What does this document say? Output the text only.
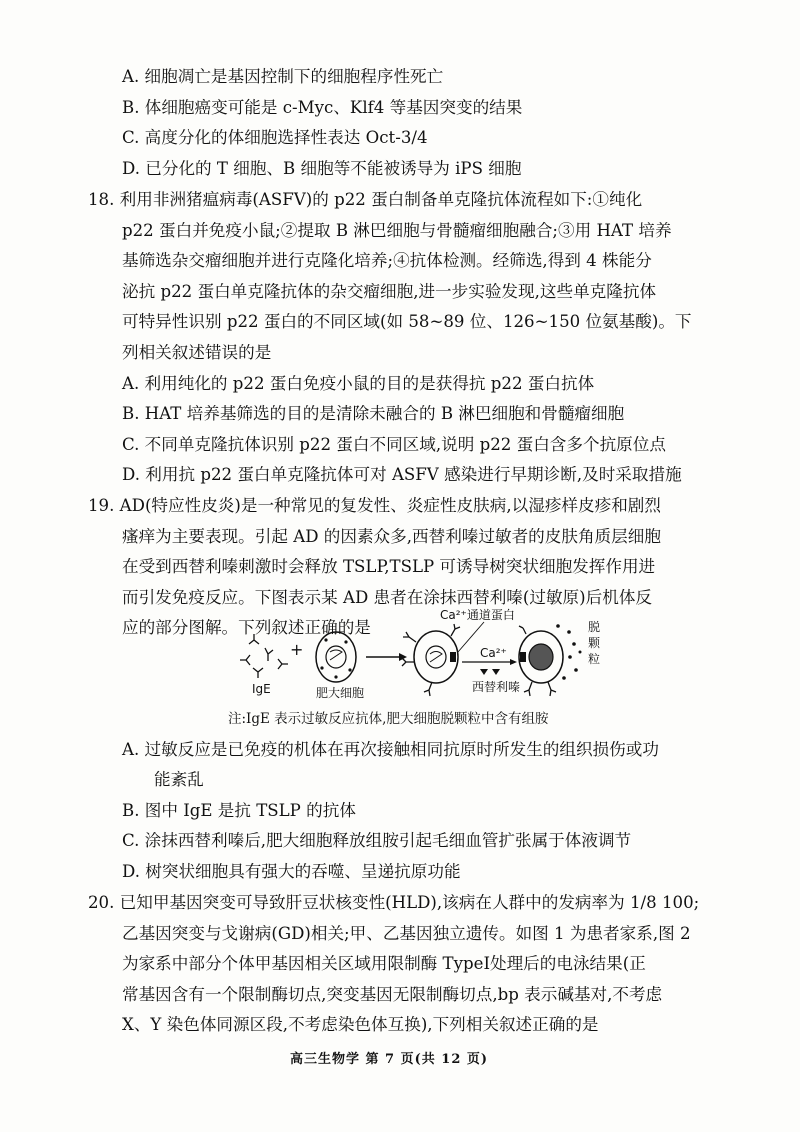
A. 细胞凋亡是基因控制下的细胞程序性死亡
B. 体细胞癌变可能是 c-Myc、Klf4 等基因突变的结果
C. 高度分化的体细胞选择性表达 Oct-3/4
D. 已分化的 T 细胞、B 细胞等不能被诱导为 iPS 细胞
18. 利用非洲猪瘟病毒(ASFV)的 p22 蛋白制备单克隆抗体流程如下:①纯化
p22 蛋白并免疫小鼠;②提取 B 淋巴细胞与骨髓瘤细胞融合;③用 HAT 培养
基筛选杂交瘤细胞并进行克隆化培养;④抗体检测。经筛选,得到 4 株能分
泌抗 p22 蛋白单克隆抗体的杂交瘤细胞,进一步实验发现,这些单克隆抗体
可特异性识别 p22 蛋白的不同区域(如 58~89 位、126~150 位氨基酸)。下
列相关叙述错误的是
A. 利用纯化的 p22 蛋白免疫小鼠的目的是获得抗 p22 蛋白抗体
B. HAT 培养基筛选的目的是清除未融合的 B 淋巴细胞和骨髓瘤细胞
C. 不同单克隆抗体识别 p22 蛋白不同区域,说明 p22 蛋白含多个抗原位点
D. 利用抗 p22 蛋白单克隆抗体可对 ASFV 感染进行早期诊断,及时采取措施
19. AD(特应性皮炎)是一种常见的复发性、炎症性皮肤病,以湿疹样皮疹和剧烈
瘙痒为主要表现。引起 AD 的因素众多,西替利嗪过敏者的皮肤角质层细胞
在受到西替利嗪刺激时会释放 TSLP,TSLP 可诱导树突状细胞发挥作用进
而引发免疫反应。下图表示某 AD 患者在涂抹西替利嗪(过敏原)后机体反
应的部分图解。下列叙述正确的是
IgE
+
肥大细胞
Ca²⁺通道蛋白
Ca²⁺
西替利嗪
脱
颗
粒
注:IgE 表示过敏反应抗体,肥大细胞脱颗粒中含有组胺
A. 过敏反应是已免疫的机体在再次接触相同抗原时所发生的组织损伤或功
能紊乱
B. 图中 IgE 是抗 TSLP 的抗体
C. 涂抹西替利嗪后,肥大细胞释放组胺引起毛细血管扩张属于体液调节
D. 树突状细胞具有强大的吞噬、呈递抗原功能
20. 已知甲基因突变可导致肝豆状核变性(HLD),该病在人群中的发病率为 1/8 100;
乙基因突变与戈谢病(GD)相关;甲、乙基因独立遗传。如图 1 为患者家系,图 2
为家系中部分个体甲基因相关区域用限制酶 TypeⅠ处理后的电泳结果(正
常基因含有一个限制酶切点,突变基因无限制酶切点,bp 表示碱基对,不考虑
X、Y 染色体同源区段,不考虑染色体互换),下列相关叙述正确的是
高三生物学 第 7 页(共 12 页)
